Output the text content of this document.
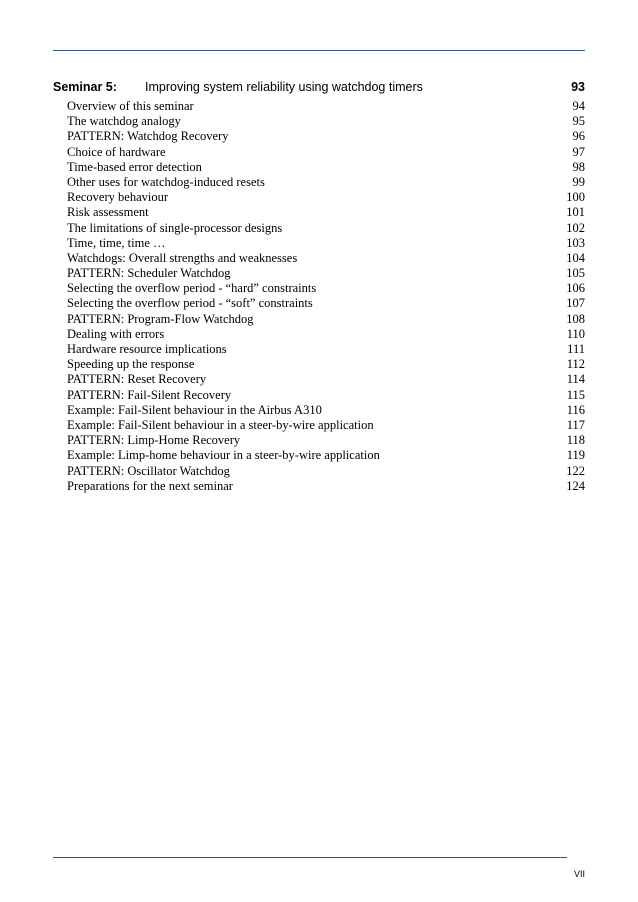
Seminar 5: Improving system reliability using watchdog timers	93
Overview of this seminar	94
The watchdog analogy	95
PATTERN: Watchdog Recovery	96
Choice of hardware	97
Time-based error detection	98
Other uses for watchdog-induced resets	99
Recovery behaviour	100
Risk assessment	101
The limitations of single-processor designs	102
Time, time, time …	103
Watchdogs: Overall strengths and weaknesses	104
PATTERN: Scheduler Watchdog	105
Selecting the overflow period - “hard” constraints	106
Selecting the overflow period - “soft” constraints	107
PATTERN: Program-Flow Watchdog	108
Dealing with errors	110
Hardware resource implications	111
Speeding up the response	112
PATTERN: Reset Recovery	114
PATTERN: Fail-Silent Recovery	115
Example: Fail-Silent behaviour in the Airbus A310	116
Example: Fail-Silent behaviour in a steer-by-wire application	117
PATTERN: Limp-Home Recovery	118
Example: Limp-home behaviour in a steer-by-wire application	119
PATTERN: Oscillator Watchdog	122
Preparations for the next seminar	124
VII
